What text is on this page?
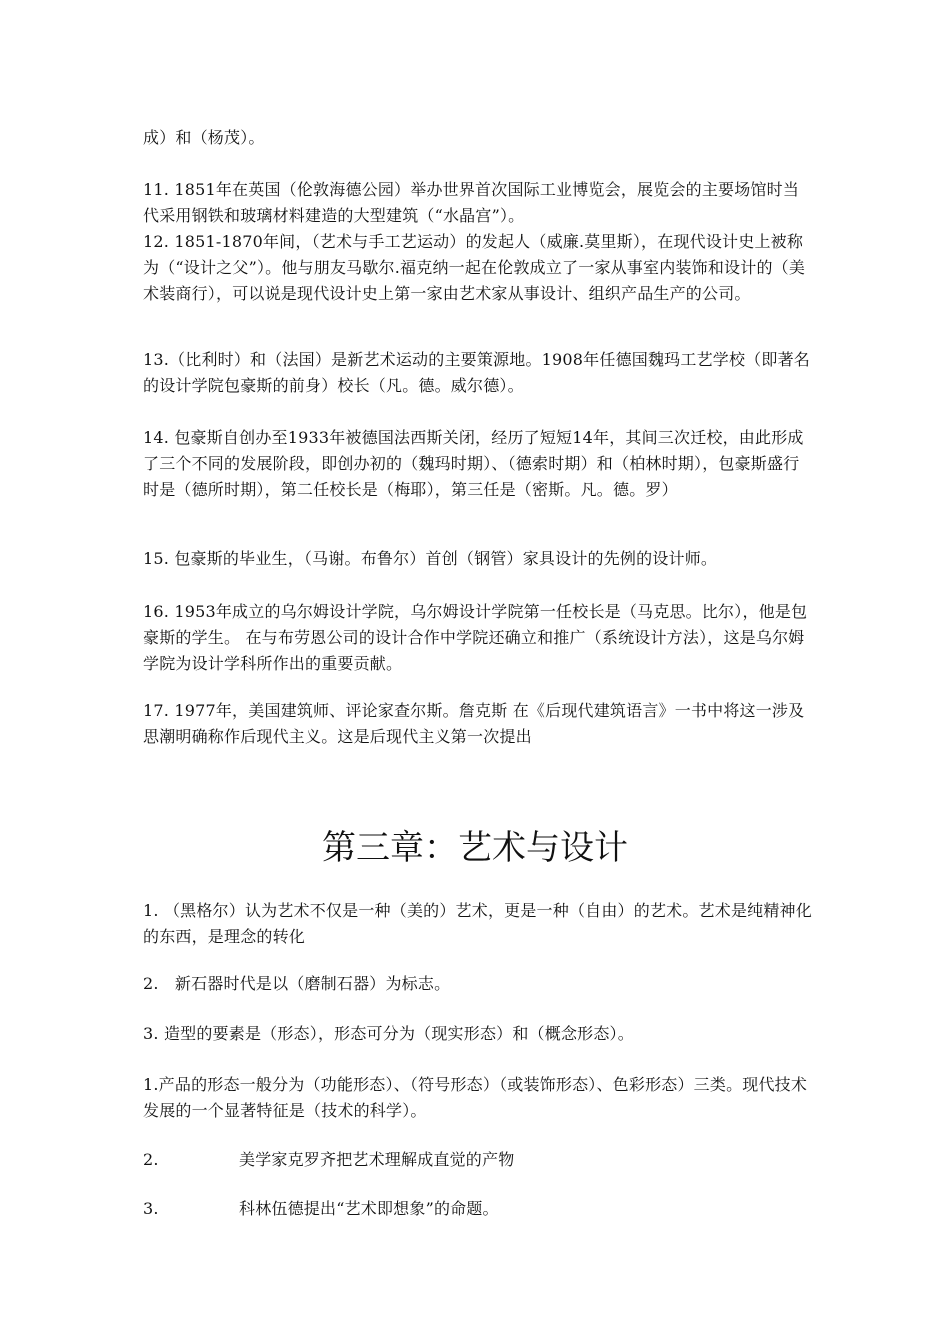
成）和（杨茂）。

11. 1851年在英国（伦敦海德公园）举办世界首次国际工业博览会，展览会的主要场馆时当代采用钢铁和玻璃材料建造的大型建筑（“水晶宫”）。

12. 1851-1870年间，（艺术与手工艺运动）的发起人（威廉.莫里斯），在现代设计史上被称为（“设计之父”）。他与朋友马歇尔.福克纳一起在伦敦成立了一家从事室内装饰和设计的（美术装商行），可以说是现代设计史上第一家由艺术家从事设计、组织产品生产的公司。

13.（比利时）和（法国）是新艺术运动的主要策源地。1908年任德国魏玛工艺学校（即著名的设计学院包豪斯的前身）校长（凡。德。威尔德）。

14. 包豪斯自创办至1933年被德国法西斯关闭，经历了短短14年，其间三次迁校，由此形成了三个不同的发展阶段，即创办初的（魏玛时期）、（德索时期）和（柏林时期），包豪斯盛行时是（德所时期），第二任校长是（梅耶），第三任是（密斯。凡。德。罗）

15. 包豪斯的毕业生，（马谢。布鲁尔）首创（钢管）家具设计的先例的设计师。

16. 1953年成立的乌尔姆设计学院，乌尔姆设计学院第一任校长是（马克思。比尔），他是包豪斯的学生。 在与布劳恩公司的设计合作中学院还确立和推广（系统设计方法），这是乌尔姆学院为设计学科所作出的重要贡献。

17. 1977年，美国建筑师、评论家查尔斯。詹克斯 在《后现代建筑语言》一书中将这一涉及思潮明确称作后现代主义。这是后现代主义第一次提出

第三章：艺术与设计

1. （黑格尔）认为艺术不仅是一种（美的）艺术，更是一种（自由）的艺术。艺术是纯精神化的东西，是理念的转化

2.　新石器时代是以（磨制石器）为标志。

3. 造型的要素是（形态），形态可分为（现实形态）和（概念形态）。

1.产品的形态一般分为（功能形态）、（符号形态）（或装饰形态）、色彩形态）三类。现代技术发展的一个显著特征是（技术的科学）。

2.	美学家克罗齐把艺术理解成直觉的产物

3.	科林伍德提出“艺术即想象”的命题。
